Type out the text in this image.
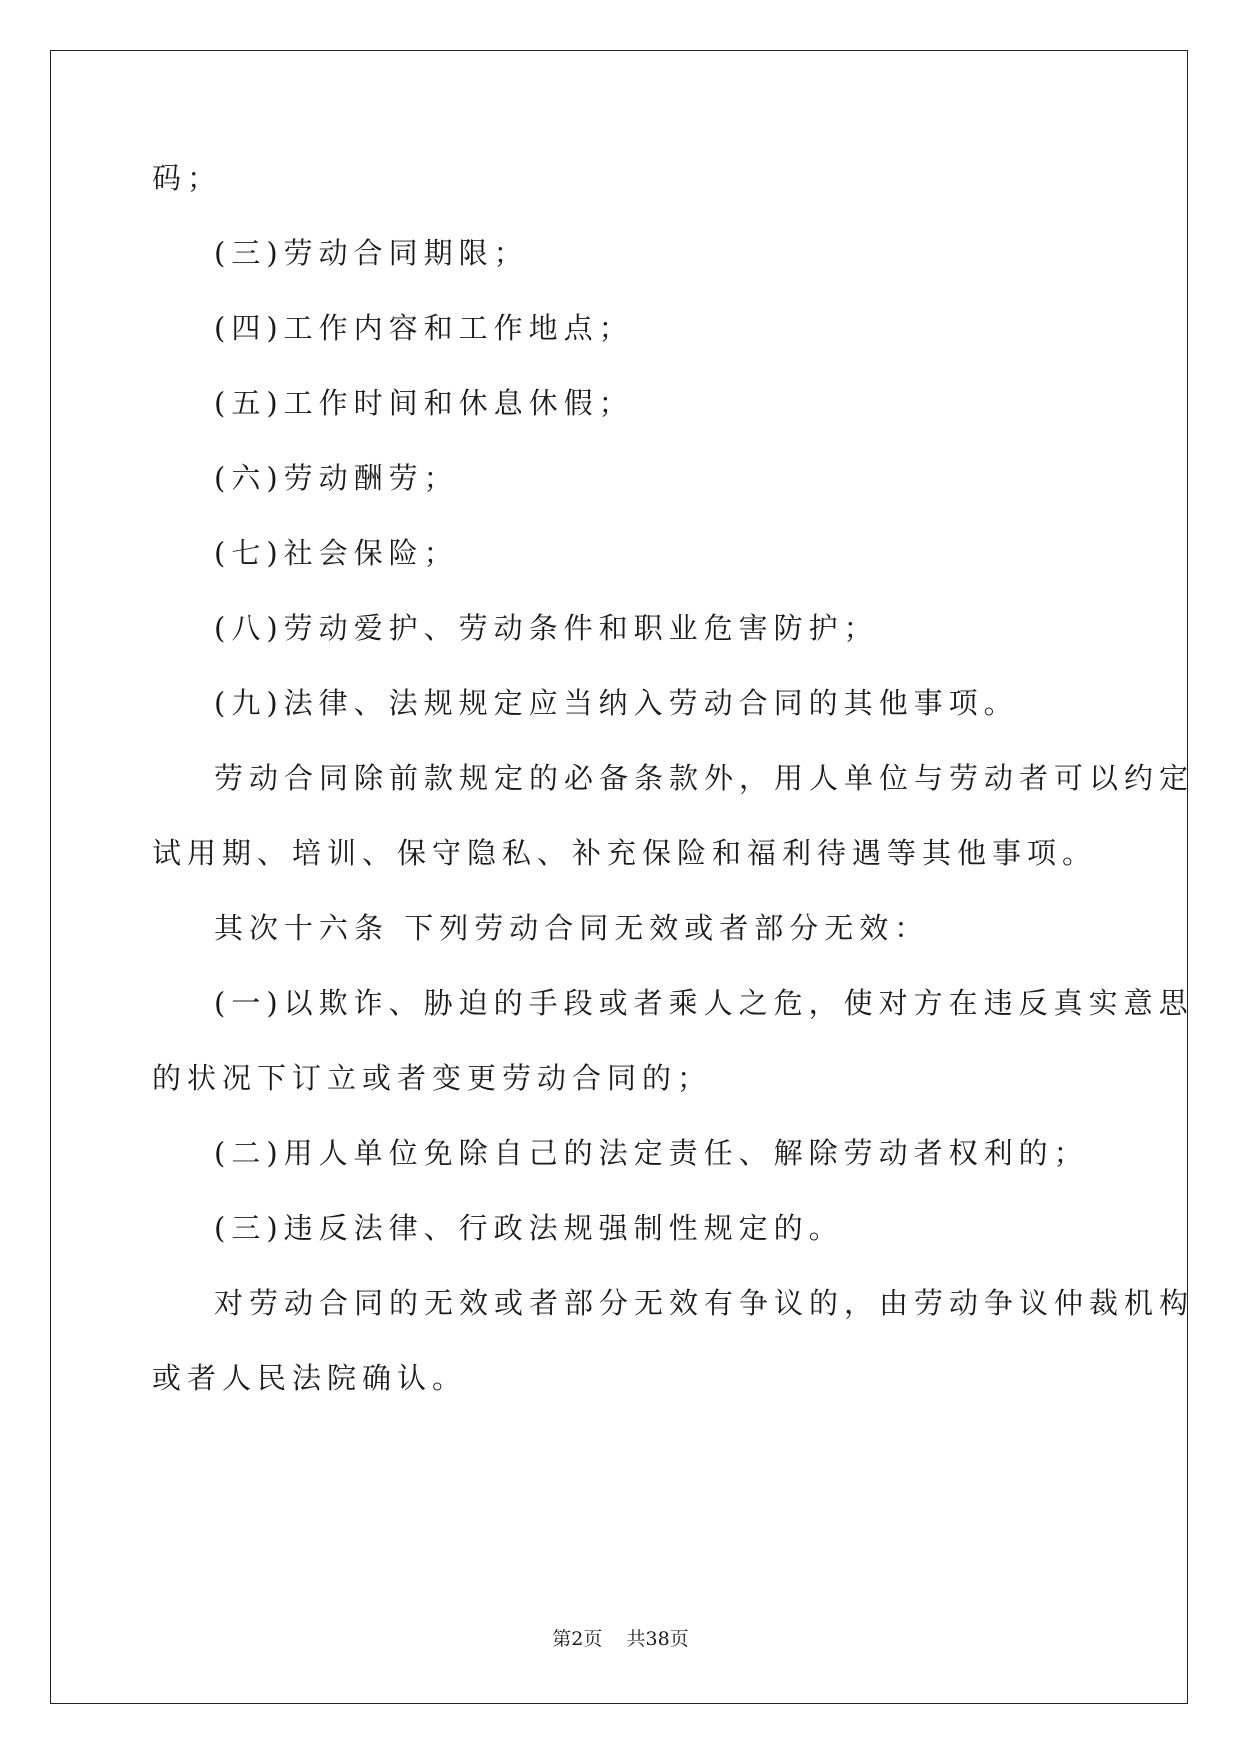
码；
(三)劳动合同期限；
(四)工作内容和工作地点；
(五)工作时间和休息休假；
(六)劳动酬劳；
(七)社会保险；
(八)劳动爱护、劳动条件和职业危害防护；
(九)法律、法规规定应当纳入劳动合同的其他事项。
劳动合同除前款规定的必备条款外，用人单位与劳动者可以约定
试用期、培训、保守隐私、补充保险和福利待遇等其他事项。
其次十六条 下列劳动合同无效或者部分无效：
(一)以欺诈、胁迫的手段或者乘人之危，使对方在违反真实意思
的状况下订立或者变更劳动合同的；
(二)用人单位免除自己的法定责任、解除劳动者权利的；
(三)违反法律、行政法规强制性规定的。
对劳动合同的无效或者部分无效有争议的，由劳动争议仲裁机构
或者人民法院确认。
第2页 共38页
